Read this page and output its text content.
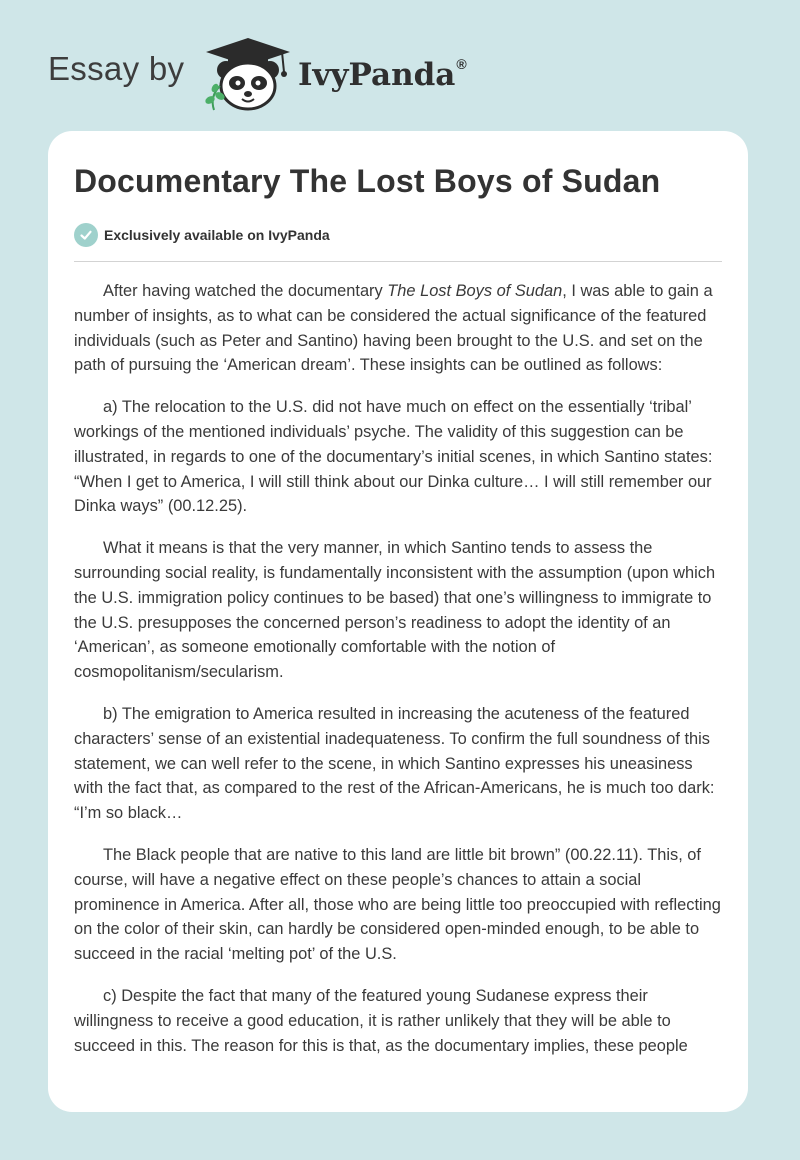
Essay by	IvyPanda®
Documentary The Lost Boys of Sudan
Exclusively available on IvyPanda

After having watched the documentary The Lost Boys of Sudan, I was able to gain a number of insights, as to what can be considered the actual significance of the featured individuals (such as Peter and Santino) having been brought to the U.S. and set on the path of pursuing the ‘American dream’. These insights can be outlined as follows:

a) The relocation to the U.S. did not have much on effect on the essentially ‘tribal’ workings of the mentioned individuals’ psyche. The validity of this suggestion can be illustrated, in regards to one of the documentary’s initial scenes, in which Santino states: “When I get to America, I will still think about our Dinka culture… I will still remember our Dinka ways” (00.12.25).

What it means is that the very manner, in which Santino tends to assess the surrounding social reality, is fundamentally inconsistent with the assumption (upon which the U.S. immigration policy continues to be based) that one’s willingness to immigrate to the U.S. presupposes the concerned person’s readiness to adopt the identity of an ‘American’, as someone emotionally comfortable with the notion of cosmopolitanism/secularism.

b) The emigration to America resulted in increasing the acuteness of the featured characters’ sense of an existential inadequateness. To confirm the full soundness of this statement, we can well refer to the scene, in which Santino expresses his uneasiness with the fact that, as compared to the rest of the African-Americans, he is much too dark: “I’m so black…

The Black people that are native to this land are little bit brown” (00.22.11). This, of course, will have a negative effect on these people’s chances to attain a social prominence in America. After all, those who are being little too preoccupied with reflecting on the color of their skin, can hardly be considered open-minded enough, to be able to succeed in the racial ‘melting pot’ of the U.S.

c) Despite the fact that many of the featured young Sudanese express their willingness to receive a good education, it is rather unlikely that they will be able to succeed in this. The reason for this is that, as the documentary implies, these people
